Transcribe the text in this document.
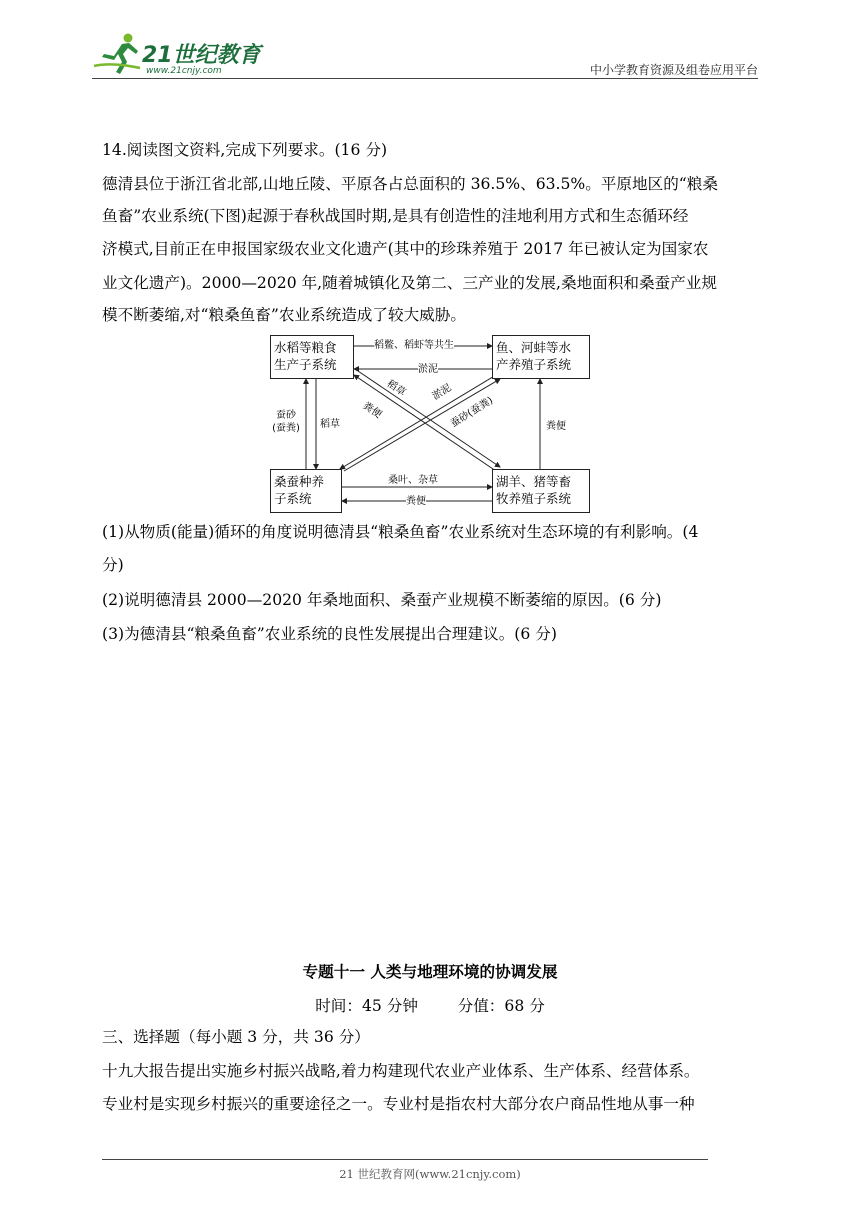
21世纪教育
www.21cnjy.com	中小学教育资源及组卷应用平台
14.阅读图文资料,完成下列要求。(16 分)
德清县位于浙江省北部,山地丘陵、平原各占总面积的 36.5%、63.5%。平原地区的“粮桑
鱼畜”农业系统(下图)起源于春秋战国时期,是具有创造性的洼地利用方式和生态循环经
济模式,目前正在申报国家级农业文化遗产(其中的珍珠养殖于 2017 年已被认定为国家农
业文化遗产)。2000—2020 年,随着城镇化及第二、三产业的发展,桑地面积和桑蚕产业规
模不断萎缩,对“粮桑鱼畜”农业系统造成了较大威胁。
水稻等粮食
生产子系统
鱼、河蚌等水
产养殖子系统
桑蚕种养
子系统
湖羊、猪等畜
牧养殖子系统
稻鳖、稻虾等共生
淤泥
蚕砂
(蚕粪) 稻草	粪便
桑叶、杂草
粪便
稻草
粪便
淤泥
蚕砂(蚕粪)
(1)从物质(能量)循环的角度说明德清县“粮桑鱼畜”农业系统对生态环境的有利影响。(4
分)
(2)说明德清县 2000—2020 年桑地面积、桑蚕产业规模不断萎缩的原因。(6 分)
(3)为德清县“粮桑鱼畜”农业系统的良性发展提出合理建议。(6 分)
专题十一 人类与地理环境的协调发展
时间：45 分钟        分值：68 分
三、选择题（每小题 3 分，共 36 分）
十九大报告提出实施乡村振兴战略,着力构建现代农业产业体系、生产体系、经营体系。
专业村是实现乡村振兴的重要途径之一。专业村是指农村大部分农户商品性地从事一种
21 世纪教育网(www.21cnjy.com)
